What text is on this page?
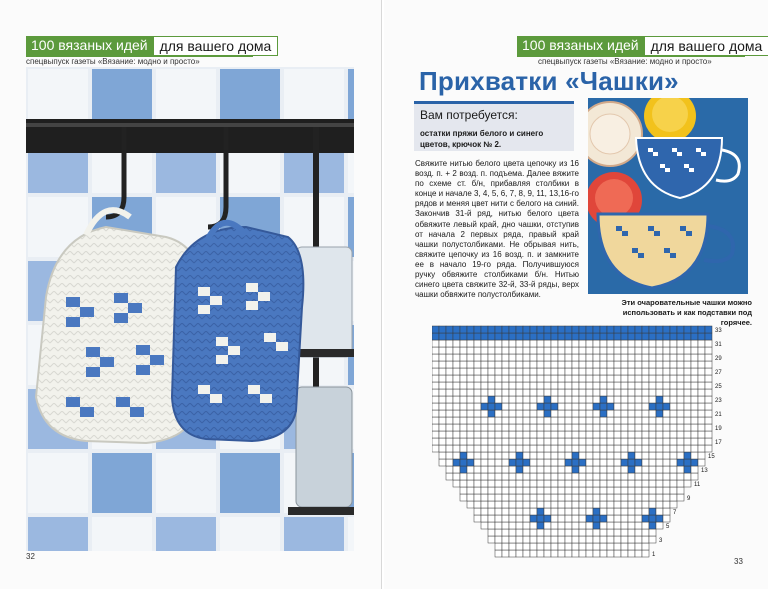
100 вязаных идей для вашего дома
спецвыпуск газеты «Вязание: модно и просто»
32
100 вязаных идей для вашего дома
спецвыпуск газеты «Вязание: модно и просто»
Прихватки «Чашки»
Вам потребуется:
остатки пряжи белого и синего цветов, крючок № 2.
Свяжите нитью белого цвета цепочку из 16 возд. п. + 2 возд. п. подъема. Далее вяжите по схеме ст. б/н, прибавляя столбики в конце и начале 3, 4, 5, 6, 7, 8, 9, 11, 13,16-го рядов и меняя цвет нити с белого на синий. Закончив 31-й ряд, нитью белого цвета обвяжите левый край, дно чашки, отступив от начала 2 первых ряда, правый край чашки полустолбиками. Не обрывая нить, свяжите цепочку из 16 возд. п. и замкните ее в начало 19-го ряда. Получившуюся ручку обвяжите столбиками б/н. Нитью синего цвета свяжите 32-й, 33-й ряды, верх чашки обвяжите полустолбиками.
Эти очаровательные чашки можно использовать и как подставки под горячее.
1
3
5
7
9
11
13
15
17
19
21
23
25
27
29
31
33
33
